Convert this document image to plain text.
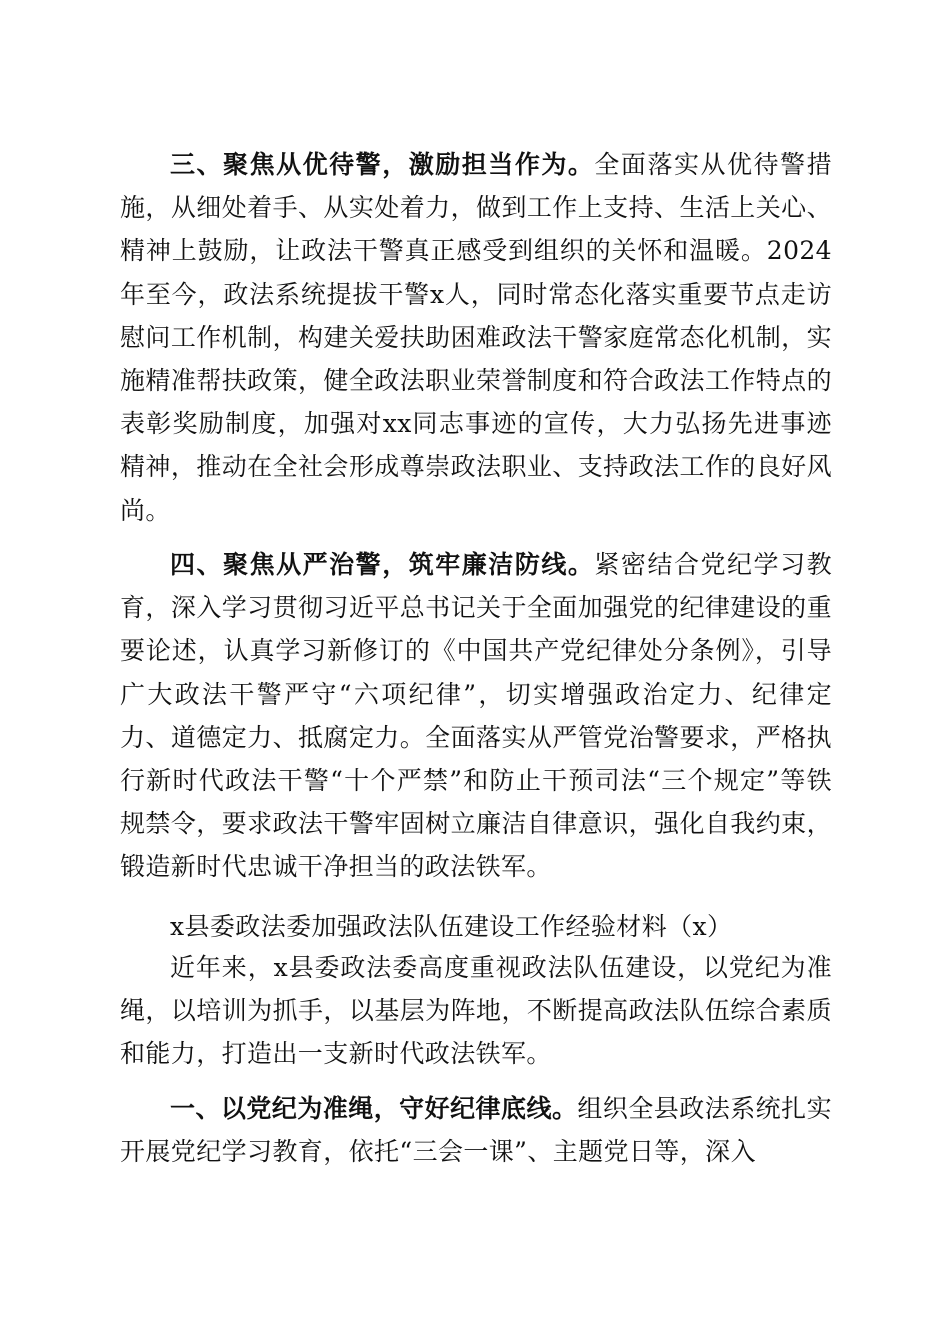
三、聚焦从优待警，激励担当作为。全面落实从优待警措施，从细处着手、从实处着力，做到工作上支持、生活上关心、精神上鼓励，让政法干警真正感受到组织的关怀和温暖。2024年至今，政法系统提拔干警x人，同时常态化落实重要节点走访慰问工作机制，构建关爱扶助困难政法干警家庭常态化机制，实施精准帮扶政策，健全政法职业荣誉制度和符合政法工作特点的表彰奖励制度，加强对xx同志事迹的宣传，大力弘扬先进事迹精神，推动在全社会形成尊崇政法职业、支持政法工作的良好风尚。

四、聚焦从严治警，筑牢廉洁防线。紧密结合党纪学习教育，深入学习贯彻习近平总书记关于全面加强党的纪律建设的重要论述，认真学习新修订的《中国共产党纪律处分条例》，引导广大政法干警严守“六项纪律”，切实增强政治定力、纪律定力、道德定力、抵腐定力。全面落实从严管党治警要求，严格执行新时代政法干警“十个严禁”和防止干预司法“三个规定”等铁规禁令，要求政法干警牢固树立廉洁自律意识，强化自我约束，锻造新时代忠诚干净担当的政法铁军。

x县委政法委加强政法队伍建设工作经验材料（x）

近年来，x县委政法委高度重视政法队伍建设，以党纪为准绳，以培训为抓手，以基层为阵地，不断提高政法队伍综合素质和能力，打造出一支新时代政法铁军。

一、以党纪为准绳，守好纪律底线。组织全县政法系统扎实开展党纪学习教育，依托“三会一课”、主题党日等，深入
